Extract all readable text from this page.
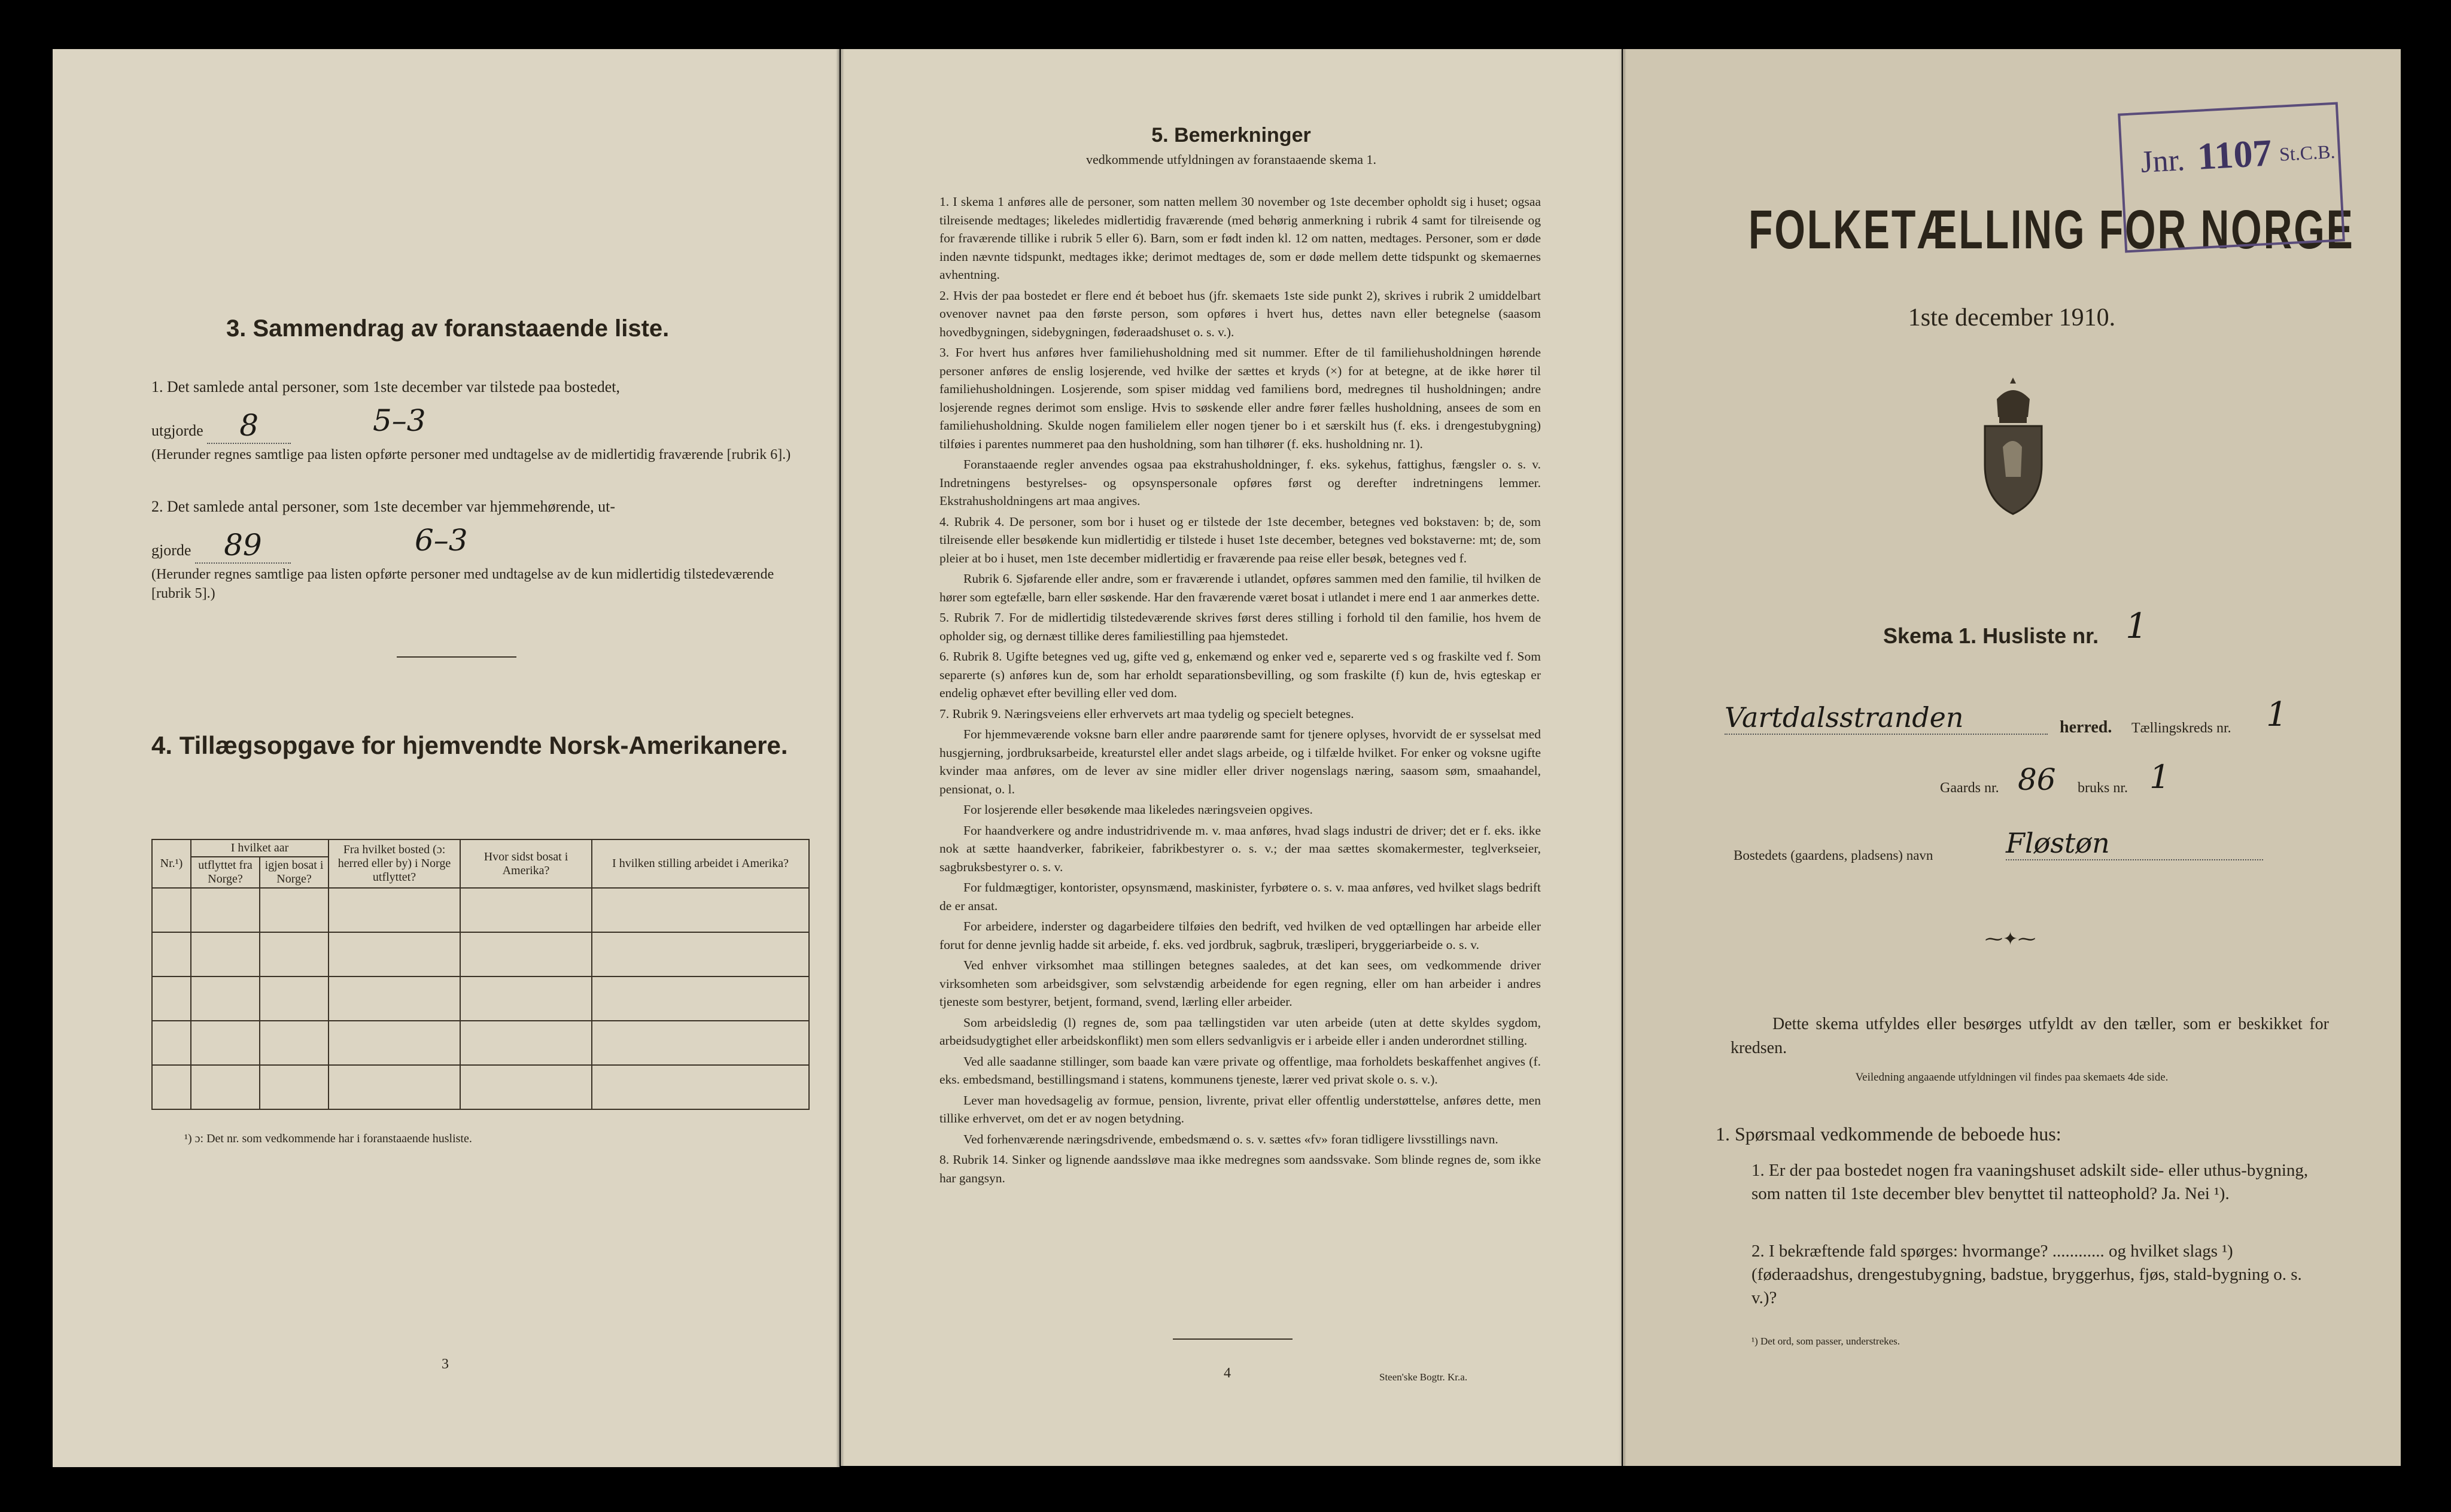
3. Sammendrag av foranstaaende liste.
1. Det samlede antal personer, som 1ste december var tilstede paa bostedet,
utgjorde 8	5–3
(Herunder regnes samtlige paa listen opførte personer med undtagelse av de midlertidig fraværende [rubrik 6].)
2. Det samlede antal personer, som 1ste december var hjemmehørende, ut-
gjorde 89	6–3
(Herunder regnes samtlige paa listen opførte personer med undtagelse av de kun midlertidig tilstedeværende [rubrik 5].)
4. Tillægsopgave for hjemvendte Norsk-Amerikanere.
Nr.¹)	I hvilket aar		Fra hvilket bosted (ɔ: herred eller by) i Norge utflyttet?	Hvor sidst bosat i Amerika?	I hvilken stilling arbeidet i Amerika?
	utflyttet fra Norge?	igjen bosat i Norge?			

¹) ɔ: Det nr. som vedkommende har i foranstaaende husliste.
3
5. Bemerkninger
vedkommende utfyldningen av foranstaaende skema 1.

1. I skema 1 anføres alle de personer, som natten mellem 30 november og 1ste december opholdt sig i huset; ogsaa tilreisende medtages; likeledes midlertidig fraværende (med behørig anmerkning i rubrik 4 samt for tilreisende og for fraværende tillike i rubrik 5 eller 6). Barn, som er født inden kl. 12 om natten, medtages. Personer, som er døde inden nævnte tidspunkt, medtages ikke; derimot medtages de, som er døde mellem dette tidspunkt og skemaernes avhentning.

2. Hvis der paa bostedet er flere end ét beboet hus (jfr. skemaets 1ste side punkt 2), skrives i rubrik 2 umiddelbart ovenover navnet paa den første person, som opføres i hvert hus, dettes navn eller betegnelse (saasom hovedbygningen, sidebygningen, føderaadshuset o. s. v.).

3. For hvert hus anføres hver familiehusholdning med sit nummer. Efter de til familiehusholdningen hørende personer anføres de enslig losjerende, ved hvilke der sættes et kryds (×) for at betegne, at de ikke hører til familiehusholdningen. Losjerende, som spiser middag ved familiens bord, medregnes til husholdningen; andre losjerende regnes derimot som enslige. Hvis to søskende eller andre fører fælles husholdning, ansees de som en familiehusholdning. Skulde nogen familielem eller nogen tjener bo i et særskilt hus (f. eks. i drengestubygning) tilføies i parentes nummeret paa den husholdning, som han tilhører (f. eks. husholdning nr. 1).

Foranstaaende regler anvendes ogsaa paa ekstrahusholdninger, f. eks. sykehus, fattighus, fængsler o. s. v. Indretningens bestyrelses- og opsynspersonale opføres først og derefter indretningens lemmer. Ekstrahusholdningens art maa angives.

4. Rubrik 4. De personer, som bor i huset og er tilstede der 1ste december, betegnes ved bokstaven: b; de, som tilreisende eller besøkende kun midlertidig er tilstede i huset 1ste december, betegnes ved bokstaverne: mt; de, som pleier at bo i huset, men 1ste december midlertidig er fraværende paa reise eller besøk, betegnes ved f.

Rubrik 6. Sjøfarende eller andre, som er fraværende i utlandet, opføres sammen med den familie, til hvilken de hører som egtefælle, barn eller søskende. Har den fraværende været bosat i utlandet i mere end 1 aar anmerkes dette.

5. Rubrik 7. For de midlertidig tilstedeværende skrives først deres stilling i forhold til den familie, hos hvem de opholder sig, og dernæst tillike deres familiestilling paa hjemstedet.

6. Rubrik 8. Ugifte betegnes ved ug, gifte ved g, enkemænd og enker ved e, separerte ved s og fraskilte ved f. Som separerte (s) anføres kun de, som har erholdt separationsbevilling, og som fraskilte (f) kun de, hvis egteskap er endelig ophævet efter bevilling eller ved dom.

7. Rubrik 9. Næringsveiens eller erhvervets art maa tydelig og specielt betegnes.

For hjemmeværende voksne barn eller andre paarørende samt for tjenere oplyses, hvorvidt de er sysselsat med husgjerning, jordbruksarbeide, kreaturstel eller andet slags arbeide, og i tilfælde hvilket. For enker og voksne ugifte kvinder maa anføres, om de lever av sine midler eller driver nogenslags næring, saasom søm, smaahandel, pensionat, o. l.

For losjerende eller besøkende maa likeledes næringsveien opgives.

For haandverkere og andre industridrivende m. v. maa anføres, hvad slags industri de driver; det er f. eks. ikke nok at sætte haandverker, fabrikeier, fabrikbestyrer o. s. v.; der maa sættes skomakermester, teglverkseier, sagbruksbestyrer o. s. v.

For fuldmægtiger, kontorister, opsynsmænd, maskinister, fyrbøtere o. s. v. maa anføres, ved hvilket slags bedrift de er ansat.

For arbeidere, inderster og dagarbeidere tilføies den bedrift, ved hvilken de ved optællingen har arbeide eller forut for denne jevnlig hadde sit arbeide, f. eks. ved jordbruk, sagbruk, træsliperi, bryggeriarbeide o. s. v.

Ved enhver virksomhet maa stillingen betegnes saaledes, at det kan sees, om vedkommende driver virksomheten som arbeidsgiver, som selvstændig arbeidende for egen regning, eller om han arbeider i andres tjeneste som bestyrer, betjent, formand, svend, lærling eller arbeider.

Som arbeidsledig (l) regnes de, som paa tællingstiden var uten arbeide (uten at dette skyldes sygdom, arbeidsudygtighet eller arbeidskonflikt) men som ellers sedvanligvis er i arbeide eller i anden underordnet stilling.

Ved alle saadanne stillinger, som baade kan være private og offentlige, maa forholdets beskaffenhet angives (f. eks. embedsmand, bestillingsmand i statens, kommunens tjeneste, lærer ved privat skole o. s. v.).

Lever man hovedsagelig av formue, pension, livrente, privat eller offentlig understøttelse, anføres dette, men tillike erhvervet, om det er av nogen betydning.

Ved forhenværende næringsdrivende, embedsmænd o. s. v. sættes «fv» foran tidligere livsstillings navn.

8. Rubrik 14. Sinker og lignende aandssløve maa ikke medregnes som aandssvake. Som blinde regnes de, som ikke har gangsyn.

4	Steen'ske Bogtr. Kr.a.
FOLKETÆLLING FOR NORGE
1ste december 1910.
Skema 1. Husliste nr. 1
Vartdalsstranden	herred. Tællingskreds nr. 1
Gaards nr. 86 bruks nr. 1
Bostedets (gaardens, pladsens) navn	Fløstøn
⁓✦⁓
Dette skema utfyldes eller besørges utfyldt av den tæller, som er beskikket for kredsen.
Veiledning angaaende utfyldningen vil findes paa skemaets 4de side.
1. Spørsmaal vedkommende de beboede hus:
1. Er der paa bostedet nogen fra vaaningshuset adskilt side- eller uthus-bygning, som natten til 1ste december blev benyttet til natteophold? Ja. Nei ¹).
2. I bekræftende fald spørges: hvormange? ............ og hvilket slags ¹) (føderaadshus, drengestubygning, badstue, bryggerhus, fjøs, stald-bygning o. s. v.)?
¹) Det ord, som passer, understrekes.
Jnr. 1107 St.C.B.
